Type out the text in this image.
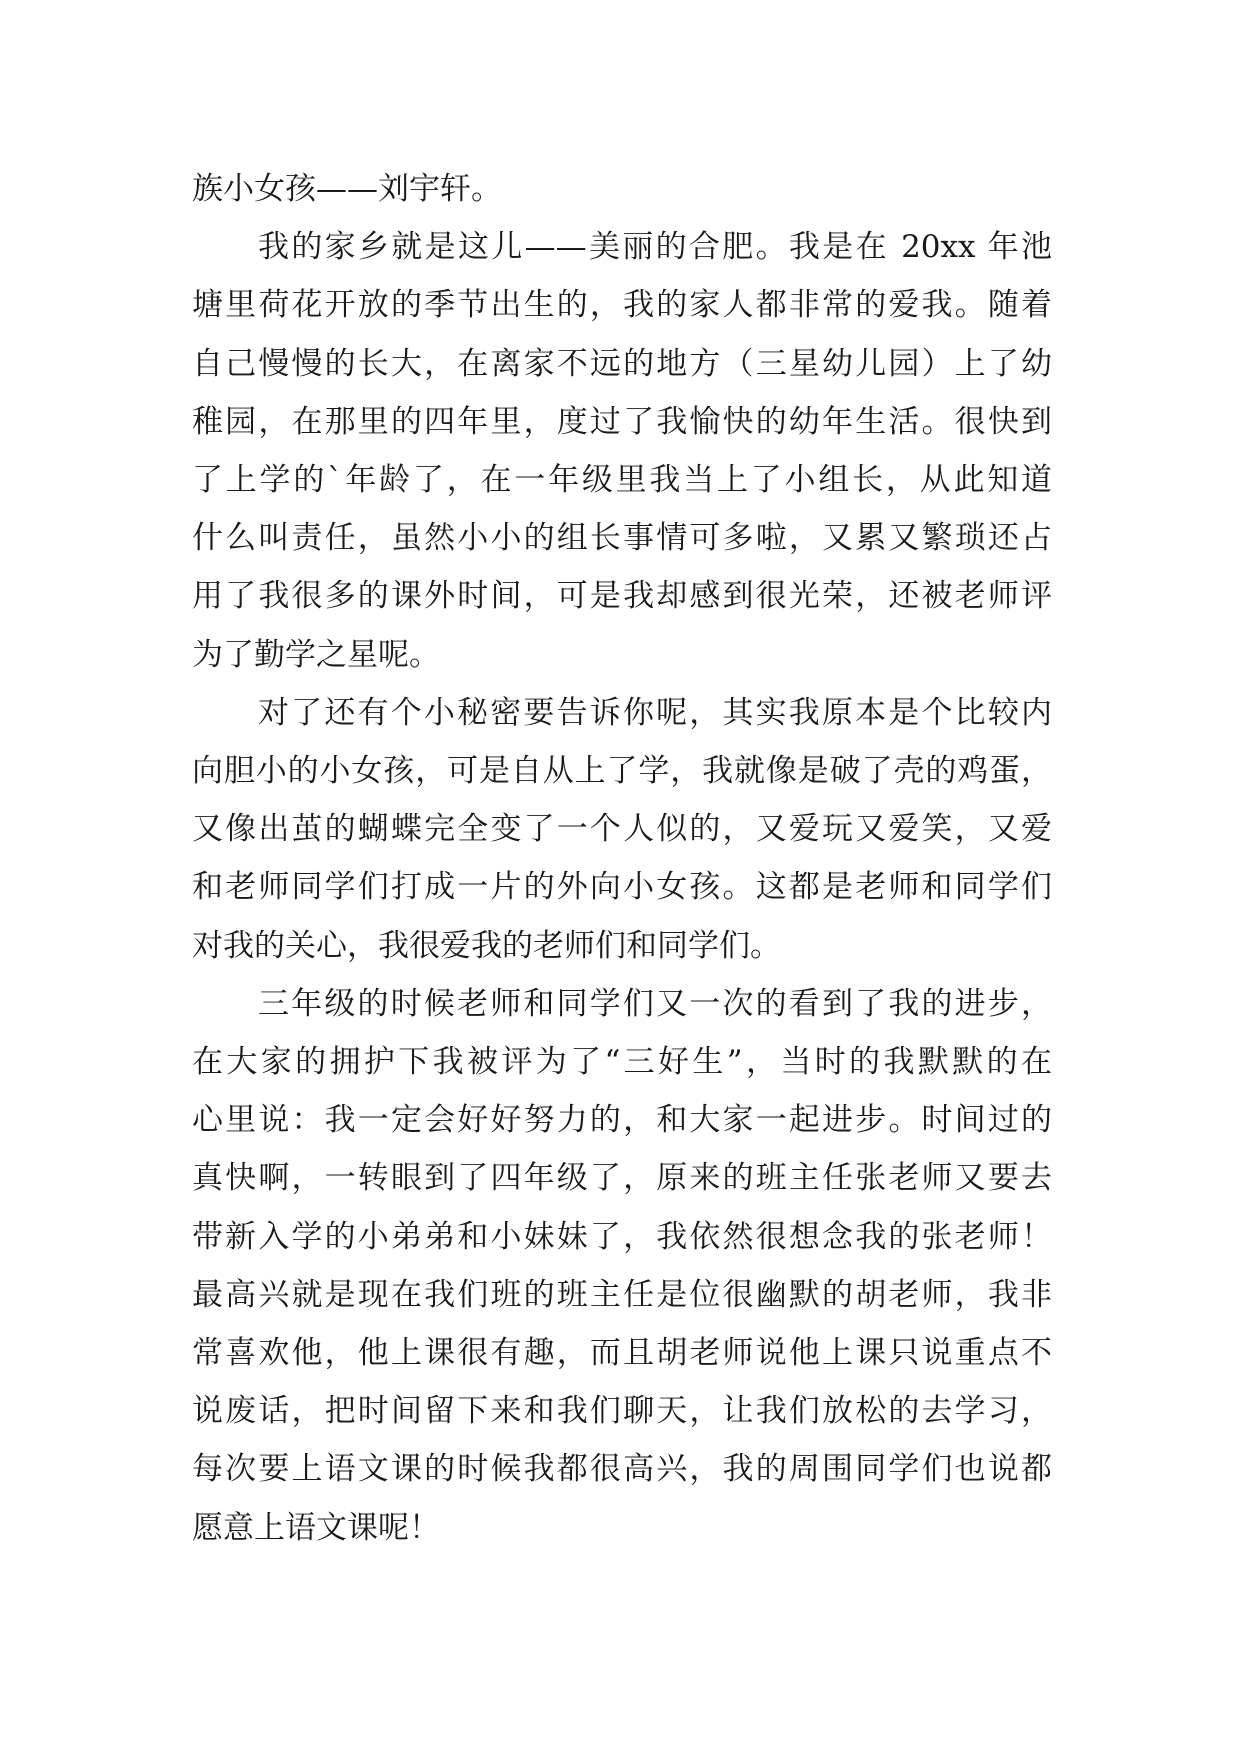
族小女孩——刘宇轩。
我的家乡就是这儿——美丽的合肥。我是在 20xx 年池
塘里荷花开放的季节出生的，我的家人都非常的爱我。随着
自己慢慢的长大，在离家不远的地方（三星幼儿园）上了幼
稚园，在那里的四年里，度过了我愉快的幼年生活。很快到
了上学的`年龄了，在一年级里我当上了小组长，从此知道
什么叫责任，虽然小小的组长事情可多啦，又累又繁琐还占
用了我很多的课外时间，可是我却感到很光荣，还被老师评
为了勤学之星呢。
对了还有个小秘密要告诉你呢，其实我原本是个比较内
向胆小的小女孩，可是自从上了学，我就像是破了壳的鸡蛋，
又像出茧的蝴蝶完全变了一个人似的，又爱玩又爱笑，又爱
和老师同学们打成一片的外向小女孩。这都是老师和同学们
对我的关心，我很爱我的老师们和同学们。
三年级的时候老师和同学们又一次的看到了我的进步，
在大家的拥护下我被评为了“三好生”，当时的我默默的在
心里说：我一定会好好努力的，和大家一起进步。时间过的
真快啊，一转眼到了四年级了，原来的班主任张老师又要去
带新入学的小弟弟和小妹妹了，我依然很想念我的张老师！
最高兴就是现在我们班的班主任是位很幽默的胡老师，我非
常喜欢他，他上课很有趣，而且胡老师说他上课只说重点不
说废话，把时间留下来和我们聊天，让我们放松的去学习，
每次要上语文课的时候我都很高兴，我的周围同学们也说都
愿意上语文课呢！
